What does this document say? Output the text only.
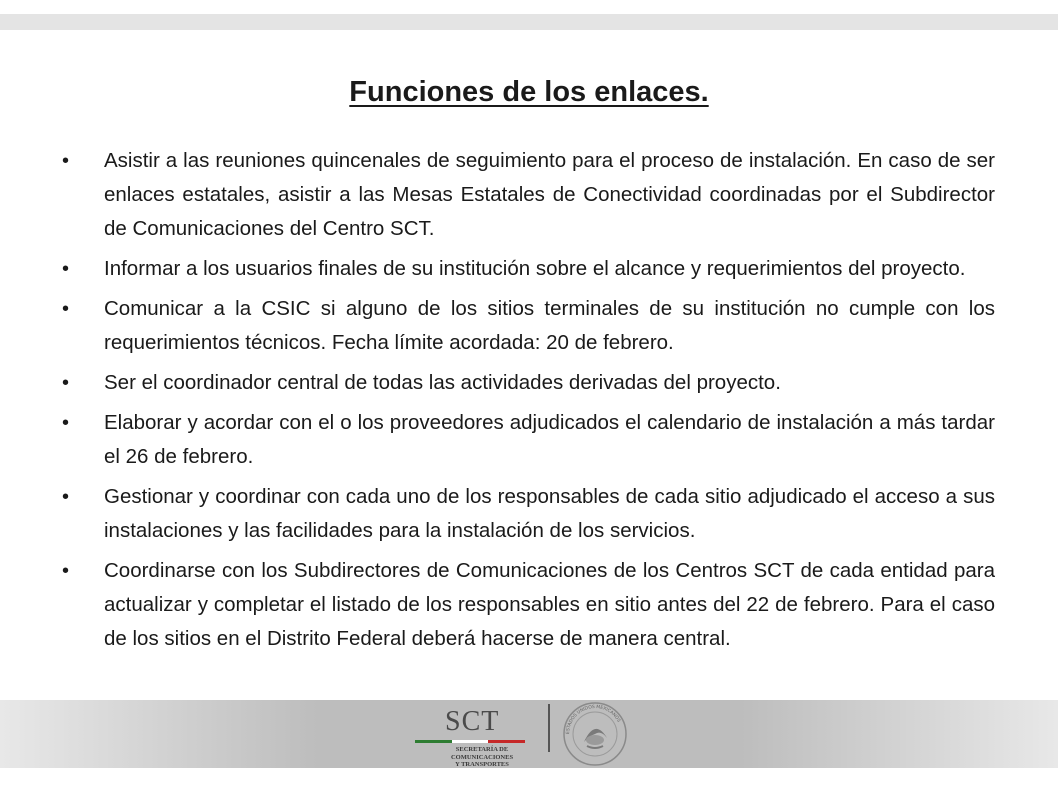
Funciones de los enlaces.
• Asistir a las reuniones quincenales de seguimiento para el proceso de instalación. En caso de ser enlaces estatales, asistir a las Mesas Estatales de Conectividad coordinadas por el Subdirector de Comunicaciones del Centro SCT.
• Informar a los usuarios finales de su institución sobre el alcance y requerimientos del proyecto.
• Comunicar a la CSIC si alguno de los sitios terminales de su institución no cumple con los requerimientos técnicos. Fecha límite acordada: 20 de febrero.
• Ser el coordinador central de todas las actividades derivadas del proyecto.
• Elaborar y acordar con el o los proveedores adjudicados el calendario de instalación a más tardar el 26 de febrero.
• Gestionar y coordinar con cada uno de los responsables de cada sitio adjudicado el acceso a sus instalaciones y las facilidades para la instalación de los servicios.
• Coordinarse con los Subdirectores de Comunicaciones de los Centros SCT de cada entidad para actualizar y completar el listado de los responsables en sitio antes del 22 de febrero. Para el caso de los sitios en el Distrito Federal deberá hacerse de manera central.
SCT
SECRETARÍA DE
COMUNICACIONES
Y TRANSPORTES
ESTADOS UNIDOS MEXICANOS
